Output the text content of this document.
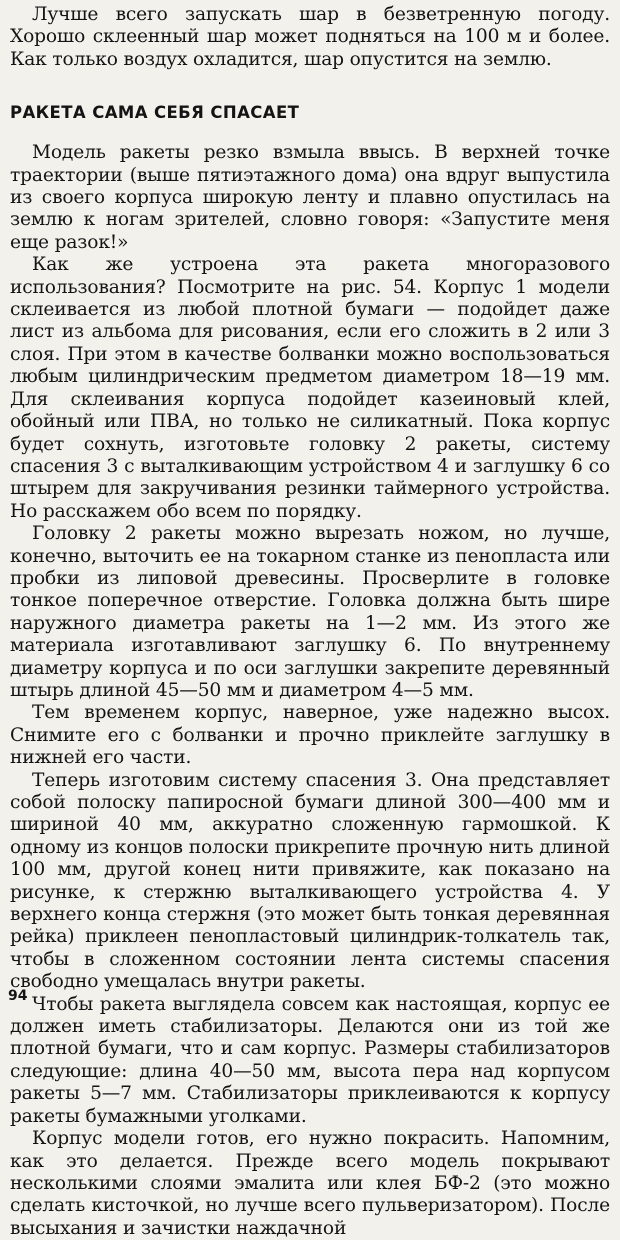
Лучше всего запускать шар в безветренную погоду. Хорошо склеенный шар может подняться на 100 м и более. Как только воздух охладится, шар опустится на землю.

РАКЕТА САМА СЕБЯ СПАСАЕТ

Модель ракеты резко взмыла ввысь. В верхней точке траектории (выше пятиэтажного дома) она вдруг выпустила из своего корпуса широкую ленту и плавно опустилась на землю к ногам зрителей, словно говоря: «Запустите меня еще разок!»

Как же устроена эта ракета многоразового использования? Посмотрите на рис. 54. Корпус 1 модели склеивается из любой плотной бумаги — подойдет даже лист из альбома для рисования, если его сложить в 2 или 3 слоя. При этом в качестве болванки можно воспользоваться любым цилиндрическим предметом диаметром 18—19 мм. Для склеивания корпуса подойдет казеиновый клей, обойный или ПВА, но только не силикатный. Пока корпус будет сохнуть, изготовьте головку 2 ракеты, систему спасения 3 с выталкивающим устройством 4 и заглушку 6 со штырем для закручивания резинки таймерного устройства. Но расскажем обо всем по порядку.

Головку 2 ракеты можно вырезать ножом, но лучше, конечно, выточить ее на токарном станке из пенопласта или пробки из липовой древесины. Просверлите в головке тонкое поперечное отверстие. Головка должна быть шире наружного диаметра ракеты на 1—2 мм. Из этого же материала изготавливают заглушку 6. По внутреннему диаметру корпуса и по оси заглушки закрепите деревянный штырь длиной 45—50 мм и диаметром 4—5 мм.

Тем временем корпус, наверное, уже надежно высох. Снимите его с болванки и прочно приклейте заглушку в нижней его части.

Теперь изготовим систему спасения 3. Она представляет собой полоску папиросной бумаги длиной 300—400 мм и шириной 40 мм, аккуратно сложенную гармошкой. К одному из концов полоски прикрепите прочную нить длиной 100 мм, другой конец нити привяжите, как показано на рисунке, к стержню выталкивающего устройства 4. У верхнего конца стержня (это может быть тонкая деревянная рейка) приклеен пенопластовый цилиндрик-толкатель так, чтобы в сложенном состоянии лента системы спасения свободно умещалась внутри ракеты.

Чтобы ракета выглядела совсем как настоящая, корпус ее должен иметь стабилизаторы. Делаются они из той же плотной бумаги, что и сам корпус. Размеры стабилизаторов следующие: длина 40—50 мм, высота пера над корпусом ракеты 5—7 мм. Стабилизаторы приклеиваются к корпусу ракеты бумажными уголками.

Корпус модели готов, его нужно покрасить. Напомним, как это делается. Прежде всего модель покрывают несколькими слоями эмалита или клея БФ-2 (это можно сделать кисточкой, но лучше всего пульверизатором). После высыхания и зачистки наждачной

94
